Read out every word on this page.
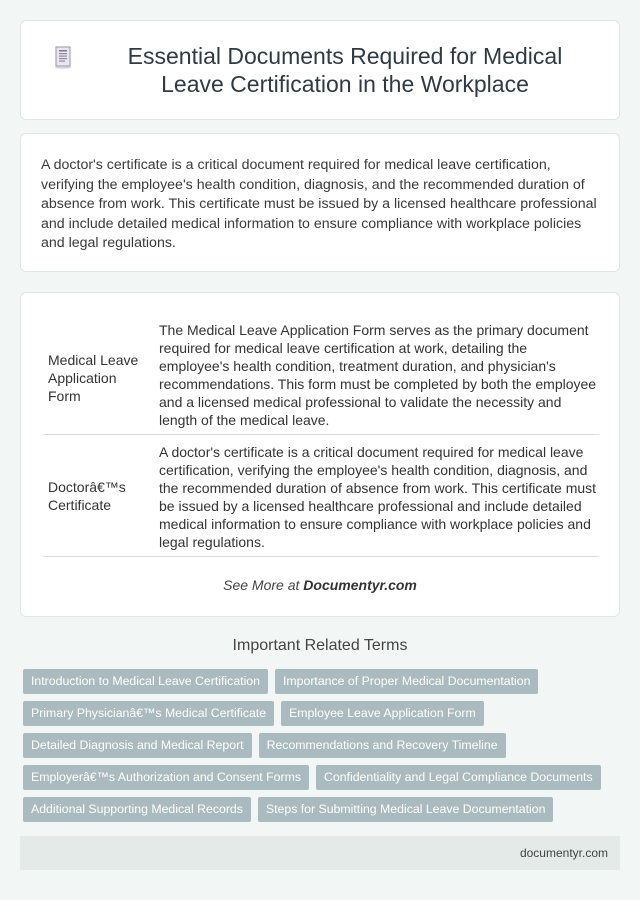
Essential Documents Required for Medical Leave Certification in the Workplace

A doctor's certificate is a critical document required for medical leave certification, verifying the employee's health condition, diagnosis, and the recommended duration of absence from work. This certificate must be issued by a licensed healthcare professional and include detailed medical information to ensure compliance with workplace policies and legal regulations.

Medical Leave Application Form	The Medical Leave Application Form serves as the primary document required for medical leave certification at work, detailing the employee's health condition, treatment duration, and physician's recommendations. This form must be completed by both the employee and a licensed medical professional to validate the necessity and length of the medical leave.
Doctorâ€™s Certificate	A doctor's certificate is a critical document required for medical leave certification, verifying the employee's health condition, diagnosis, and the recommended duration of absence from work. This certificate must be issued by a licensed healthcare professional and include detailed medical information to ensure compliance with workplace policies and legal regulations.
See More at Documentyr.com
Important Related Terms
Introduction to Medical Leave Certification	Importance of Proper Medical Documentation
Primary Physicianâ€™s Medical Certificate	Employee Leave Application Form
Detailed Diagnosis and Medical Report	Recommendations and Recovery Timeline
Employerâ€™s Authorization and Consent Forms	Confidentiality and Legal Compliance Documents
Additional Supporting Medical Records	Steps for Submitting Medical Leave Documentation
documentyr.com
